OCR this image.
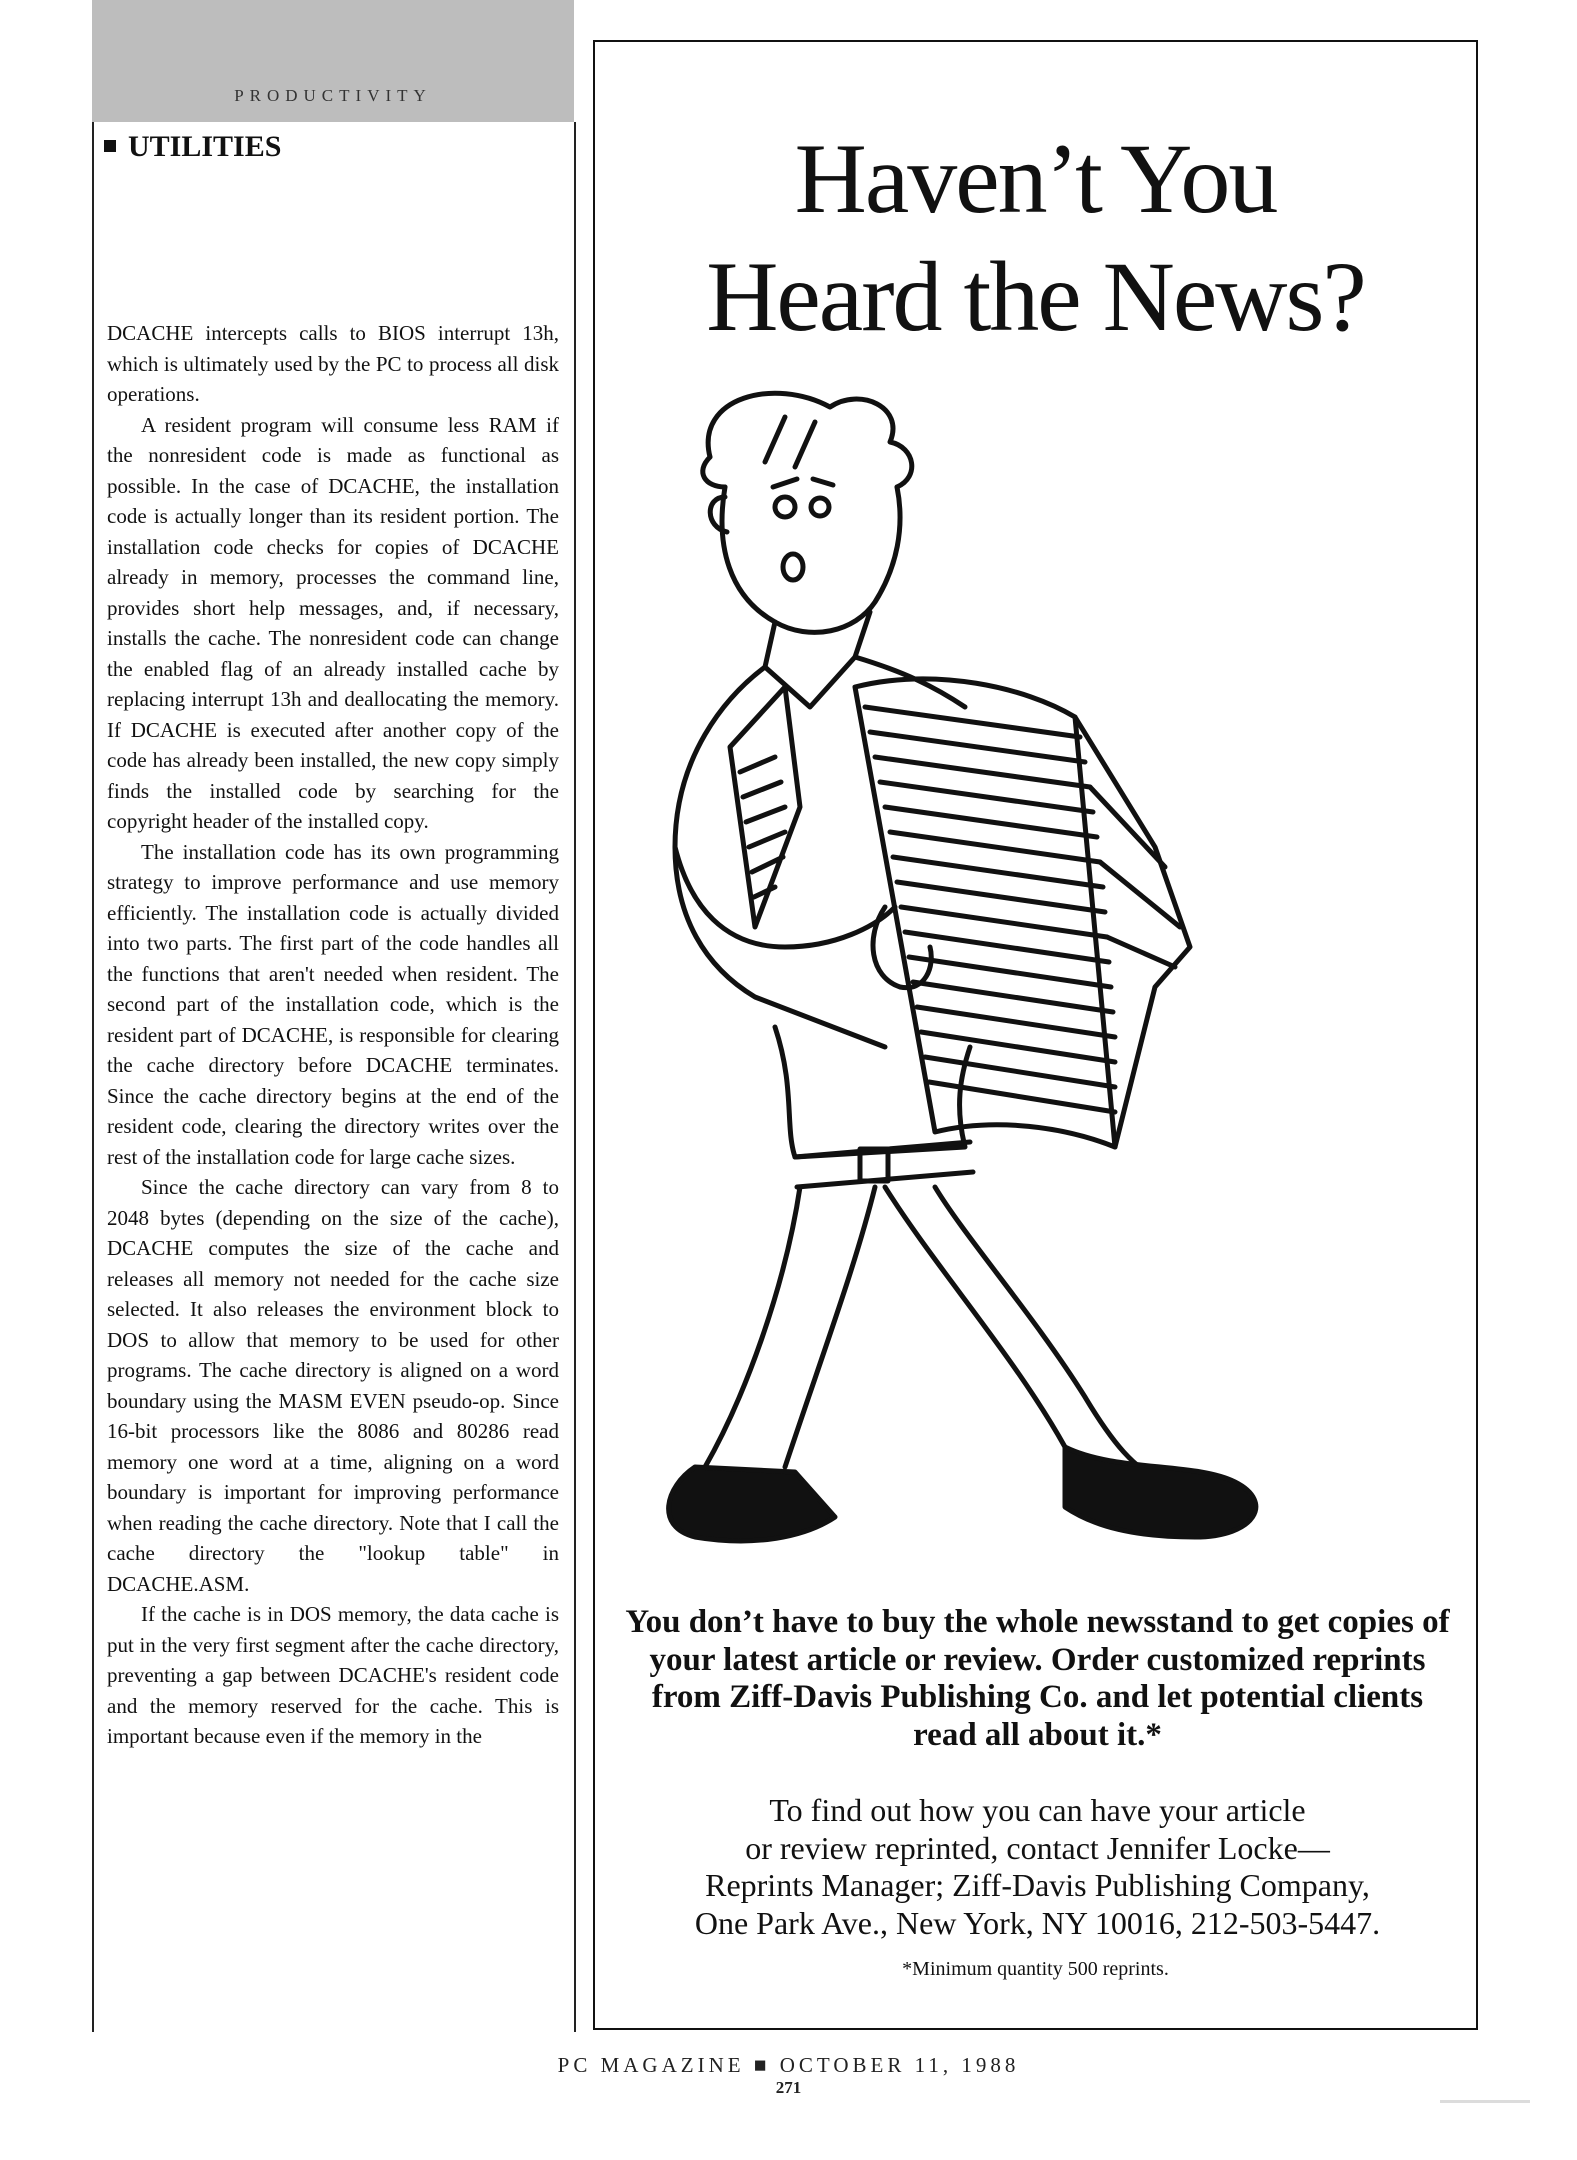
PRODUCTIVITY
UTILITIES

DCACHE intercepts calls to BIOS interrupt 13h, which is ultimately used by the PC to process all disk operations.

A resident program will consume less RAM if the nonresident code is made as functional as possible. In the case of DCACHE, the installation code is actually longer than its resident portion. The installation code checks for copies of DCACHE already in memory, processes the command line, provides short help messages, and, if necessary, installs the cache. The nonresident code can change the enabled flag of an already installed cache by replacing interrupt 13h and deallocating the memory. If DCACHE is executed after another copy of the code has already been installed, the new copy simply finds the installed code by searching for the copyright header of the installed copy.

The installation code has its own programming strategy to improve performance and use memory efficiently. The installation code is actually divided into two parts. The first part of the code handles all the functions that aren't needed when resident. The second part of the installation code, which is the resident part of DCACHE, is responsible for clearing the cache directory before DCACHE terminates. Since the cache directory begins at the end of the resident code, clearing the directory writes over the rest of the installation code for large cache sizes.

Since the cache directory can vary from 8 to 2048 bytes (depending on the size of the cache), DCACHE computes the size of the cache and releases all memory not needed for the cache size selected. It also releases the environment block to DOS to allow that memory to be used for other programs. The cache directory is aligned on a word boundary using the MASM EVEN pseudo-op. Since 16-bit processors like the 8086 and 80286 read memory one word at a time, aligning on a word boundary is important for improving performance when reading the cache directory. Note that I call the cache directory the "lookup table" in DCACHE.ASM.

If the cache is in DOS memory, the data cache is put in the very first segment after the cache directory, preventing a gap between DCACHE's resident code and the memory reserved for the cache. This is important because even if the memory in the

Haven’t You
Heard the News?
You don’t have to buy the whole newsstand to get copies of your latest article or review. Order customized reprints from Ziff-Davis Publishing Co. and let potential clients read all about it.*
To find out how you can have your article
or review reprinted, contact Jennifer Locke—
Reprints Manager; Ziff-Davis Publishing Company,
One Park Ave., New York, NY 10016, 212-503-5447.
*Minimum quantity 500 reprints.
PC MAGAZINE ■ OCTOBER 11, 1988
271
